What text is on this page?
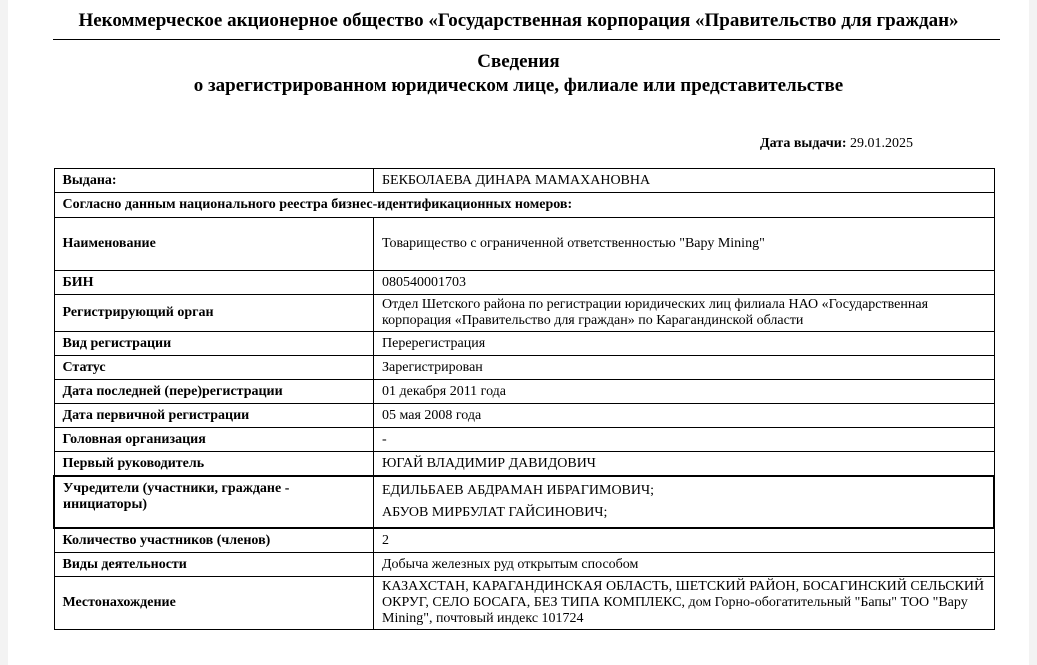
Некоммерческое акционерное общество «Государственная корпорация «Правительство для граждан»
Сведения
о зарегистрированном юридическом лице, филиале или представительстве
Дата выдачи: 29.01.2025
Выдана:	БЕКБОЛАЕВА ДИНАРА МАМАХАНОВНА
Согласно данным национального реестра бизнес-идентификационных номеров:	
Наименование	Товарищество с ограниченной ответственностью "Вару Mining"
БИН	080540001703
Регистрирующий орган	Отдел Шетского района по регистрации юридических лиц филиала НАО «Государственная корпорация «Правительство для граждан» по Карагандинской области
Вид регистрации	Перерегистрация
Статус	Зарегистрирован
Дата последней (пере)регистрации	01 декабря 2011 года
Дата первичной регистрации	05 мая 2008 года
Головная организация	-
Первый руководитель	ЮГАЙ ВЛАДИМИР ДАВИДОВИЧ
Учредители (участники, граждане - инициаторы)	ЕДИЛЬБАЕВ АБДРАМАН ИБРАГИМОВИЧ;
АБУОВ МИРБУЛАТ ГАЙСИНОВИЧ;

Количество участников (членов)	2
Виды деятельности	Добыча железных руд открытым способом
Местонахождение	КАЗАХСТАН, КАРАГАНДИНСКАЯ ОБЛАСТЬ, ШЕТСКИЙ РАЙОН, БОСАГИНСКИЙ СЕЛЬСКИЙ ОКРУГ, СЕЛО БОСАГА, БЕЗ ТИПА КОМПЛЕКС, дом Горно-обогатительный "Бапы" ТОО "Вару Mining", почтовый индекс 101724
